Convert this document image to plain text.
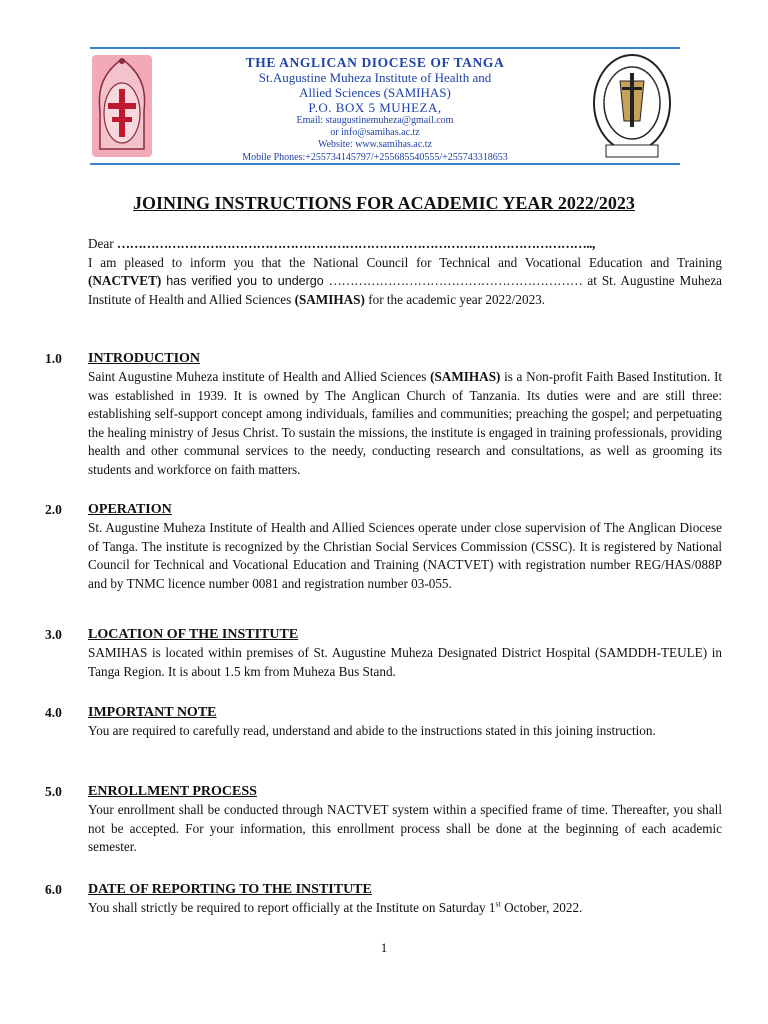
THE ANGLICAN DIOCESE OF TANGA
St.Augustine Muheza Institute of Health and
Allied Sciences (SAMIHAS)
P.O. BOX 5 MUHEZA,
Email: staugustinemuheza@gmail.com
or info@samihas.ac.tz
Website: www.samihas.ac.tz
Mobile Phones:+255734145797/+255685540555/+255743318653
JOINING INSTRUCTIONS FOR ACADEMIC YEAR 2022/2023
Dear …………………………………………………………………………………………………..,
I am pleased to inform you that the National Council for Technical and Vocational Education and Training (NACTVET) has verified you to undergo …………………………………………………… at St. Augustine Muheza Institute of Health and Allied Sciences (SAMIHAS) for the academic year 2022/2023.
1.0 INTRODUCTION
Saint Augustine Muheza institute of Health and Allied Sciences (SAMIHAS) is a Non-profit Faith Based Institution. It was established in 1939. It is owned by The Anglican Church of Tanzania. Its duties were and are still three: establishing self-support concept among individuals, families and communities; preaching the gospel; and perpetuating the healing ministry of Jesus Christ. To sustain the missions, the institute is engaged in training professionals, providing health and other communal services to the needy, conducting research and consultations, as well as grooming its students and workforce on faith matters.
2.0 OPERATION
St. Augustine Muheza Institute of Health and Allied Sciences operate under close supervision of The Anglican Diocese of Tanga. The institute is recognized by the Christian Social Services Commission (CSSC). It is registered by National Council for Technical and Vocational Education and Training (NACTVET) with registration number REG/HAS/088P and by TNMC licence number 0081 and registration number 03-055.
3.0 LOCATION OF THE INSTITUTE
SAMIHAS is located within premises of St. Augustine Muheza Designated District Hospital (SAMDDH-TEULE) in Tanga Region. It is about 1.5 km from Muheza Bus Stand.
4.0 IMPORTANT NOTE
You are required to carefully read, understand and abide to the instructions stated in this joining instruction.
5.0 ENROLLMENT PROCESS
Your enrollment shall be conducted through NACTVET system within a specified frame of time. Thereafter, you shall not be accepted. For your information, this enrollment process shall be done at the beginning of each academic semester.
6.0 DATE OF REPORTING TO THE INSTITUTE
You shall strictly be required to report officially at the Institute on Saturday 1st October, 2022.
1
